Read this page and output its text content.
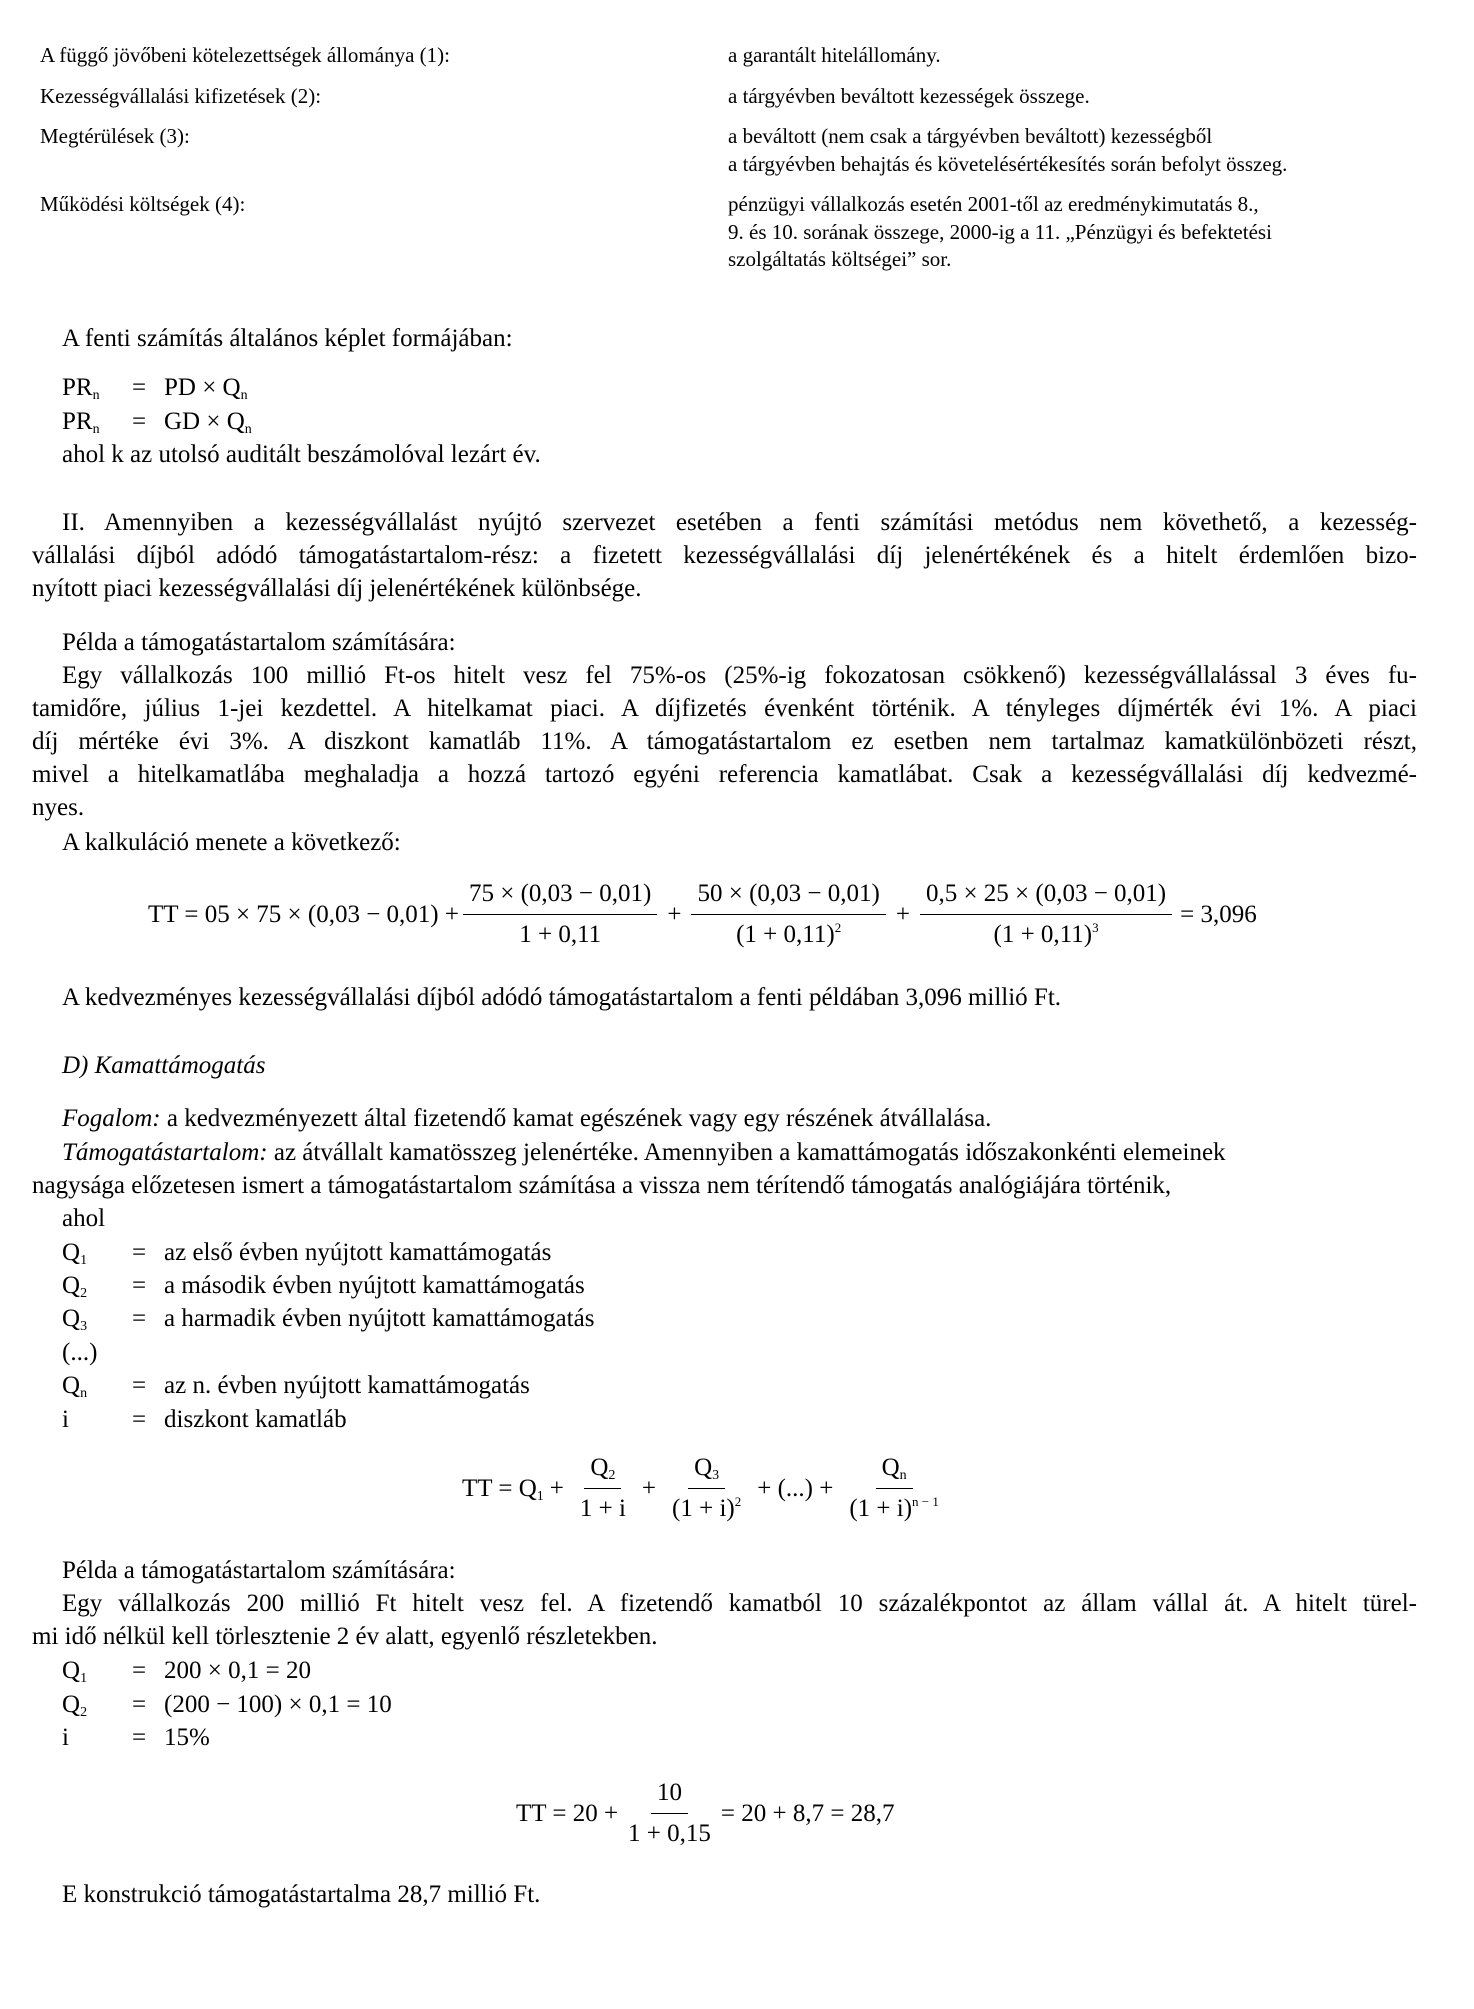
A függő jövőbeni kötelezettségek állománya (1):	a garantált hitelállomány.
Kezességvállalási kifizetések (2):	a tárgyévben beváltott kezességek összege.
Megtérülések (3):	a beváltott (nem csak a tárgyévben beváltott) kezességből
a tárgyévben behajtás és követelésértékesítés során befolyt összeg.
Működési költségek (4):	pénzügyi vállalkozás esetén 2001-től az eredménykimutatás 8.,
9. és 10. sorának összege, 2000-ig a 11. „Pénzügyi és befektetési
szolgáltatás költségei” sor.
A fenti számítás általános képlet formájában:
$PR_n$ = PD × $Q_n$
$PR_n$ = GD × $Q_n$
ahol k az utolsó auditált beszámolóval lezárt év.
II. Amennyiben a kezességvállalást nyújtó szervezet esetében a fenti számítási metódus nem követhető, a kezesség-
vállalási díjból adódó támogatástartalom-rész: a fizetett kezességvállalási díj jelenértékének és a hitelt érdemlően bizo-
nyított piaci kezességvállalási díj jelenértékének különbsége.
Példa a támogatástartalom számítására:
Egy vállalkozás 100 millió Ft-os hitelt vesz fel 75%-os (25%-ig fokozatosan csökkenő) kezességvállalással 3 éves fu-
tamidőre, július 1-jei kezdettel. A hitelkamat piaci. A díjfizetés évenként történik. A tényleges díjmérték évi 1%. A piaci
díj mértéke évi 3%. A diszkont kamatláb 11%. A támogatástartalom ez esetben nem tartalmaz kamatkülönbözeti részt,
mivel a hitelkamatlába meghaladja a hozzá tartozó egyéni referencia kamatlábat. Csak a kezességvállalási díj kedvezmé-
nyes.
A kalkuláció menete a következő:
TT = $05 \times 75 \times (0,03 - 0,01) + \frac{75 \times (0,03 - 0,01)}{1 + 0,11} + \frac{50 \times (0,03 - 0,01)}{(1 + 0,11)^2} + \frac{0,5 \times 25 \times (0,03 - 0,01)}{(1 + 0,11)^3} = 3,096$
A kedvezményes kezességvállalási díjból adódó támogatástartalom a fenti példában 3,096 millió Ft.
D) Kamattámogatás
Fogalom: a kedvezményezett által fizetendő kamat egészének vagy egy részének átvállalása.
Támogatástartalom: az átvállalt kamatösszeg jelenértéke. Amennyiben a kamattámogatás időszakonkénti elemeinek
nagysága előzetesen ismert a támogatástartalom számítása a vissza nem térítendő támogatás analógiájára történik,
ahol
$Q_1$ = az első évben nyújtott kamattámogatás
$Q_2 = a$ második évben nyújtott kamattámogatás
$Q_3 = a$ harmadik évben nyújtott kamattámogatás
(...)
$Q_n$ = az n. évben nyújtott kamattámogatás
i	= diszkont kamatláb
TT = $Q_1 + \frac{Q_2}{1 + i} + \frac{Q_3}{(1 + i)^2}$ + (...) + $\frac{Q_n}{(1 + i)^{n - 1}}$
Példa a támogatástartalom számítására:
Egy vállalkozás 200 millió Ft hitelt vesz fel. A fizetendő kamatból 10 százalékpontot az állam vállal át. A hitelt türel-
mi idő nélkül kell törlesztenie 2 év alatt, egyenlő részletekben.
$Q_1 = 200 \times 0,1 = 20$
$Q_2 = (200 - 100) \times 0,1 = 10$
i	= 15%
TT = $20 + \frac{10}{1 + 0,15} = 20 + 8,7 = 28,7$
E konstrukció támogatástartalma 28,7 millió Ft.
